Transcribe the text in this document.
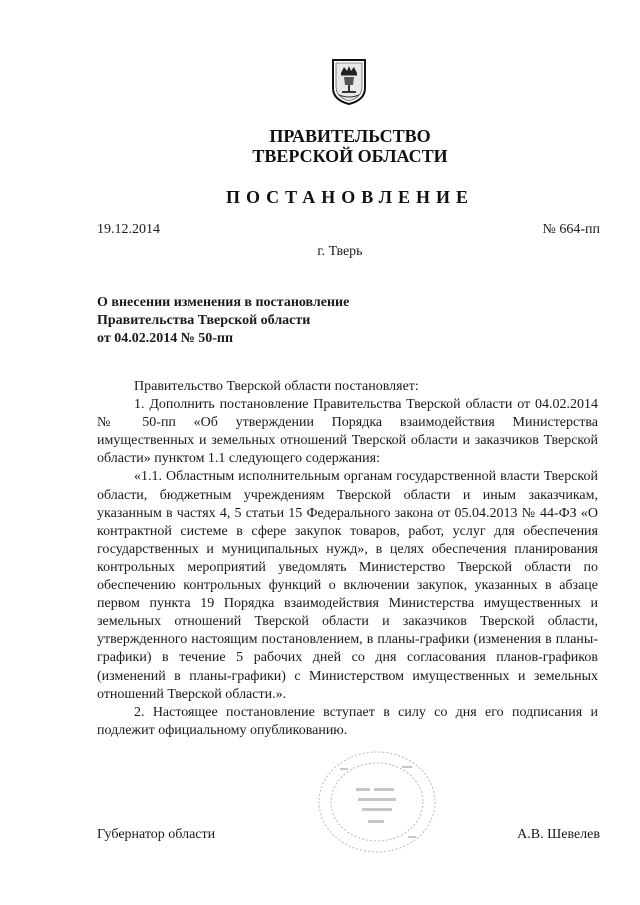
ПРАВИТЕЛЬСТВО
ТВЕРСКОЙ ОБЛАСТИ
ПОСТАНОВЛЕНИЕ
19.12.2014	№ 664-пп
г. Тверь
О внесении изменения в постановление
Правительства Тверской области
от 04.02.2014 № 50-пп

Правительство Тверской области постановляет:

1. Дополнить постановление Правительства Тверской области от 04.02.2014 № 50-пп «Об утверждении Порядка взаимодействия Министерства имущественных и земельных отношений Тверской области и заказчиков Тверской области» пунктом 1.1 следующего содержания:

«1.1. Областным исполнительным органам государственной власти Тверской области, бюджетным учреждениям Тверской области и иным заказчикам, указанным в частях 4, 5 статьи 15 Федерального закона от 05.04.2013 № 44-ФЗ «О контрактной системе в сфере закупок товаров, работ, услуг для обеспечения государственных и муниципальных нужд», в целях обеспечения планирования контрольных мероприятий уведомлять Министерство Тверской области по обеспечению контрольных функций о включении закупок, указанных в абзаце первом пункта 19 Порядка взаимодействия Министерства имущественных и земельных отношений Тверской области и заказчиков Тверской области, утвержденного настоящим постановлением, в планы-графики (изменения в планы-графики) в течение 5 рабочих дней со дня согласования планов-графиков (изменений в планы-графики) с Министерством имущественных и земельных отношений Тверской области.».

2. Настоящее постановление вступает в силу со дня его подписания и подлежит официальному опубликованию.

Губернатор области	А.В. Шевелев
